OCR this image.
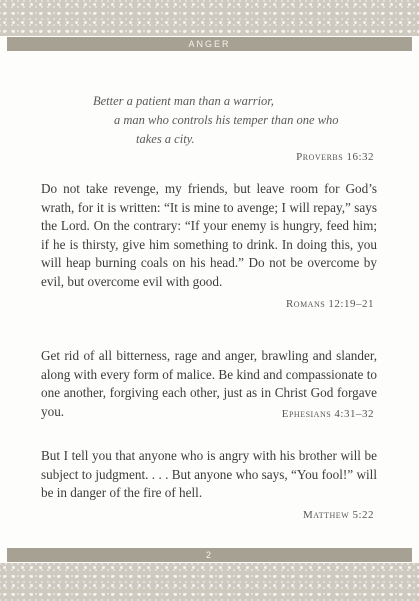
ANGER

Better a patient man than a warrior,

a man who controls his temper than one who

takes a city.

Proverbs 16:32

Do not take revenge, my friends, but leave room for God’s wrath, for it is written: “It is mine to avenge; I will repay,” says the Lord. On the contrary: “If your enemy is hungry, feed him; if he is thirsty, give him something to drink. In doing this, you will heap burning coals on his head.” Do not be overcome by evil, but overcome evil with good.

Romans 12:19–21

Get rid of all bitterness, rage and anger, brawling and slander, along with every form of malice. Be kind and compassionate to one another, forgiving each other, just as in Christ God forgave you.	Ephesians 4:31–32

But I tell you that anyone who is angry with his brother will be subject to judgment. . . . But anyone who says, “You fool!” will be in danger of the fire of hell.

Matthew 5:22

2
